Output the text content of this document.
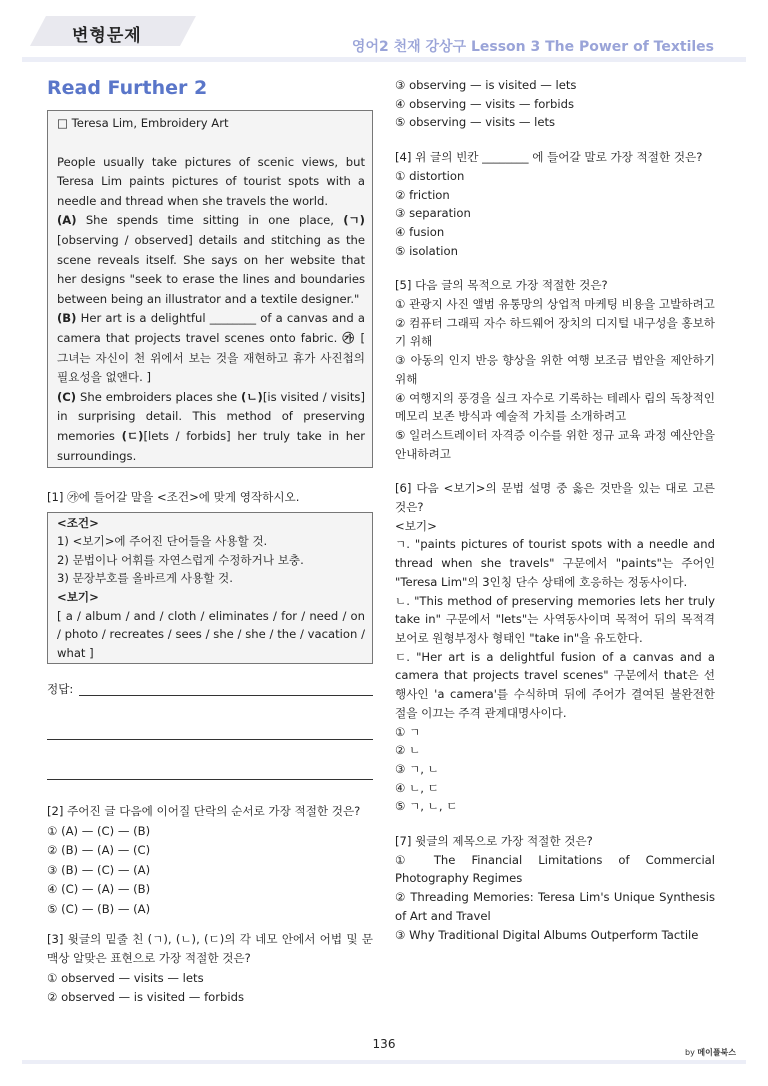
변형문제
영어2 천재 강상구 Lesson 3 The Power of Textiles
Read Further 2

□ Teresa Lim, Embroidery Art

People usually take pictures of scenic views, but Teresa Lim paints pictures of tourist spots with a needle and thread when she travels the world.

(A) She spends time sitting in one place, (ㄱ)[observing / observed] details and stitching as the scene reveals itself. She says on her website that her designs "seek to erase the lines and boundaries between being an illustrator and a textile designer."

(B) Her art is a delightful ________ of a canvas and a camera that projects travel scenes onto fabric. ㉮ [ 그녀는 자신이 천 위에서 보는 것을 재현하고 휴가 사진첩의 필요성을 없앤다. ]

(C) She embroiders places she (ㄴ)[is visited / visits] in surprising detail. This method of preserving memories (ㄷ)[lets / forbids] her truly take in her surroundings.

[1] ㉮에 들어갈 말을 <조건>에 맞게 영작하시오.

<조건>

1) <보기>에 주어진 단어들을 사용할 것.

2) 문법이나 어휘를 자연스럽게 수정하거나 보충.

3) 문장부호를 올바르게 사용할 것.

<보기>

[ a / album / and / cloth / eliminates / for / need / on / photo / recreates / sees / she / she / the / vacation / what ]

정답:

[2] 주어진 글 다음에 이어질 단락의 순서로 가장 적절한 것은?

① (A) — (C) — (B)

② (B) — (A) — (C)

③ (B) — (C) — (A)

④ (C) — (A) — (B)

⑤ (C) — (B) — (A)

[3] 윗글의 밑줄 친 (ㄱ), (ㄴ), (ㄷ)의 각 네모 안에서 어법 및 문맥상 알맞은 표현으로 가장 적절한 것은?

① observed — visits — lets

② observed — is visited — forbids

③ observing — is visited — lets

④ observing — visits — forbids

⑤ observing — visits — lets

[4] 위 글의 빈칸 ________ 에 들어갈 말로 가장 적절한 것은?

① distortion

② friction

③ separation

④ fusion

⑤ isolation

[5] 다음 글의 목적으로 가장 적절한 것은?

① 관광지 사진 앨범 유통망의 상업적 마케팅 비용을 고발하려고

② 컴퓨터 그래픽 자수 하드웨어 장치의 디지털 내구성을 홍보하기 위해

③ 아동의 인지 반응 향상을 위한 여행 보조금 법안을 제안하기 위해

④ 여행지의 풍경을 실크 자수로 기록하는 테레사 림의 독창적인 메모리 보존 방식과 예술적 가치를 소개하려고

⑤ 일러스트레이터 자격증 이수를 위한 정규 교육 과정 예산안을 안내하려고

[6] 다음 <보기>의 문법 설명 중 옳은 것만을 있는 대로 고른 것은?

<보기>

ㄱ. "paints pictures of tourist spots with a needle and thread when she travels" 구문에서 "paints"는 주어인 "Teresa Lim"의 3인칭 단수 상태에 호응하는 정동사이다.

ㄴ. "This method of preserving memories lets her truly take in" 구문에서 "lets"는 사역동사이며 목적어 뒤의 목적격 보어로 원형부정사 형태인 "take in"을 유도한다.

ㄷ. "Her art is a delightful fusion of a canvas and a camera that projects travel scenes" 구문에서 that은 선행사인 'a camera'를 수식하며 뒤에 주어가 결여된 불완전한 절을 이끄는 주격 관계대명사이다.

① ㄱ

② ㄴ

③ ㄱ, ㄴ

④ ㄴ, ㄷ

⑤ ㄱ, ㄴ, ㄷ

[7] 윗글의 제목으로 가장 적절한 것은?

① The Financial Limitations of Commercial Photography Regimes

② Threading Memories: Teresa Lim's Unique Synthesis of Art and Travel

③ Why Traditional Digital Albums Outperform Tactile

136
by 메이플북스
